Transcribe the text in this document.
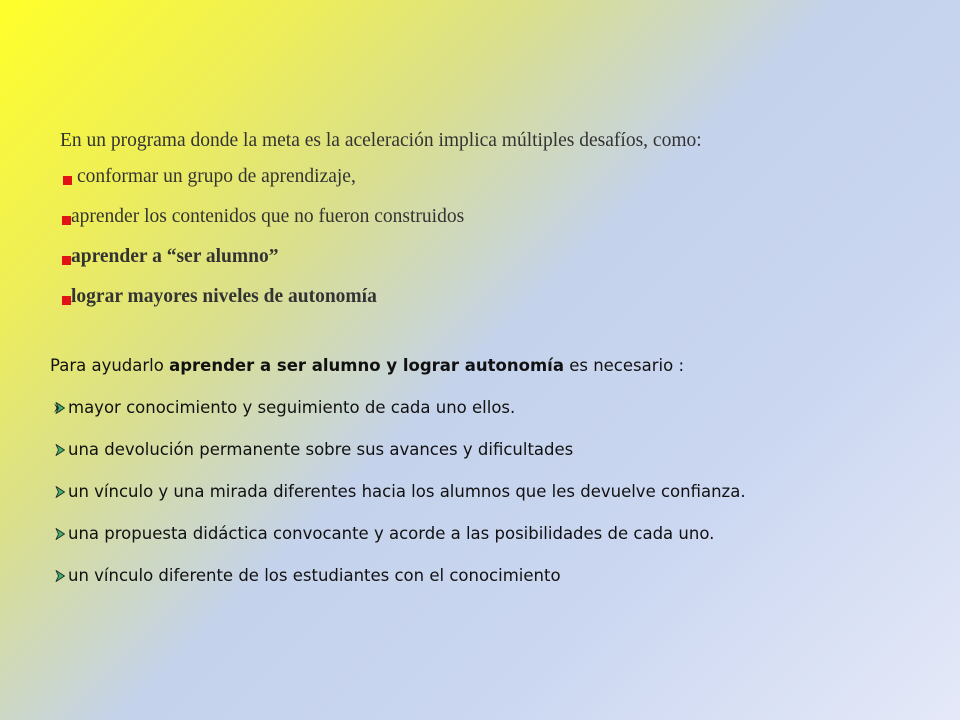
En un programa donde la meta es la aceleración implica múltiples desafíos, como:
conformar un grupo de aprendizaje,
aprender los contenidos que no fueron construidos
aprender a “ser alumno”
lograr mayores niveles de autonomía
Para ayudarlo aprender a ser alumno y lograr autonomía es necesario :
mayor conocimiento y seguimiento de cada uno ellos.
una devolución permanente sobre sus avances y dificultades
un vínculo y una mirada diferentes hacia los alumnos que les devuelve confianza.
una propuesta didáctica convocante y acorde a las posibilidades de cada uno.
un vínculo diferente de los estudiantes con el conocimiento
